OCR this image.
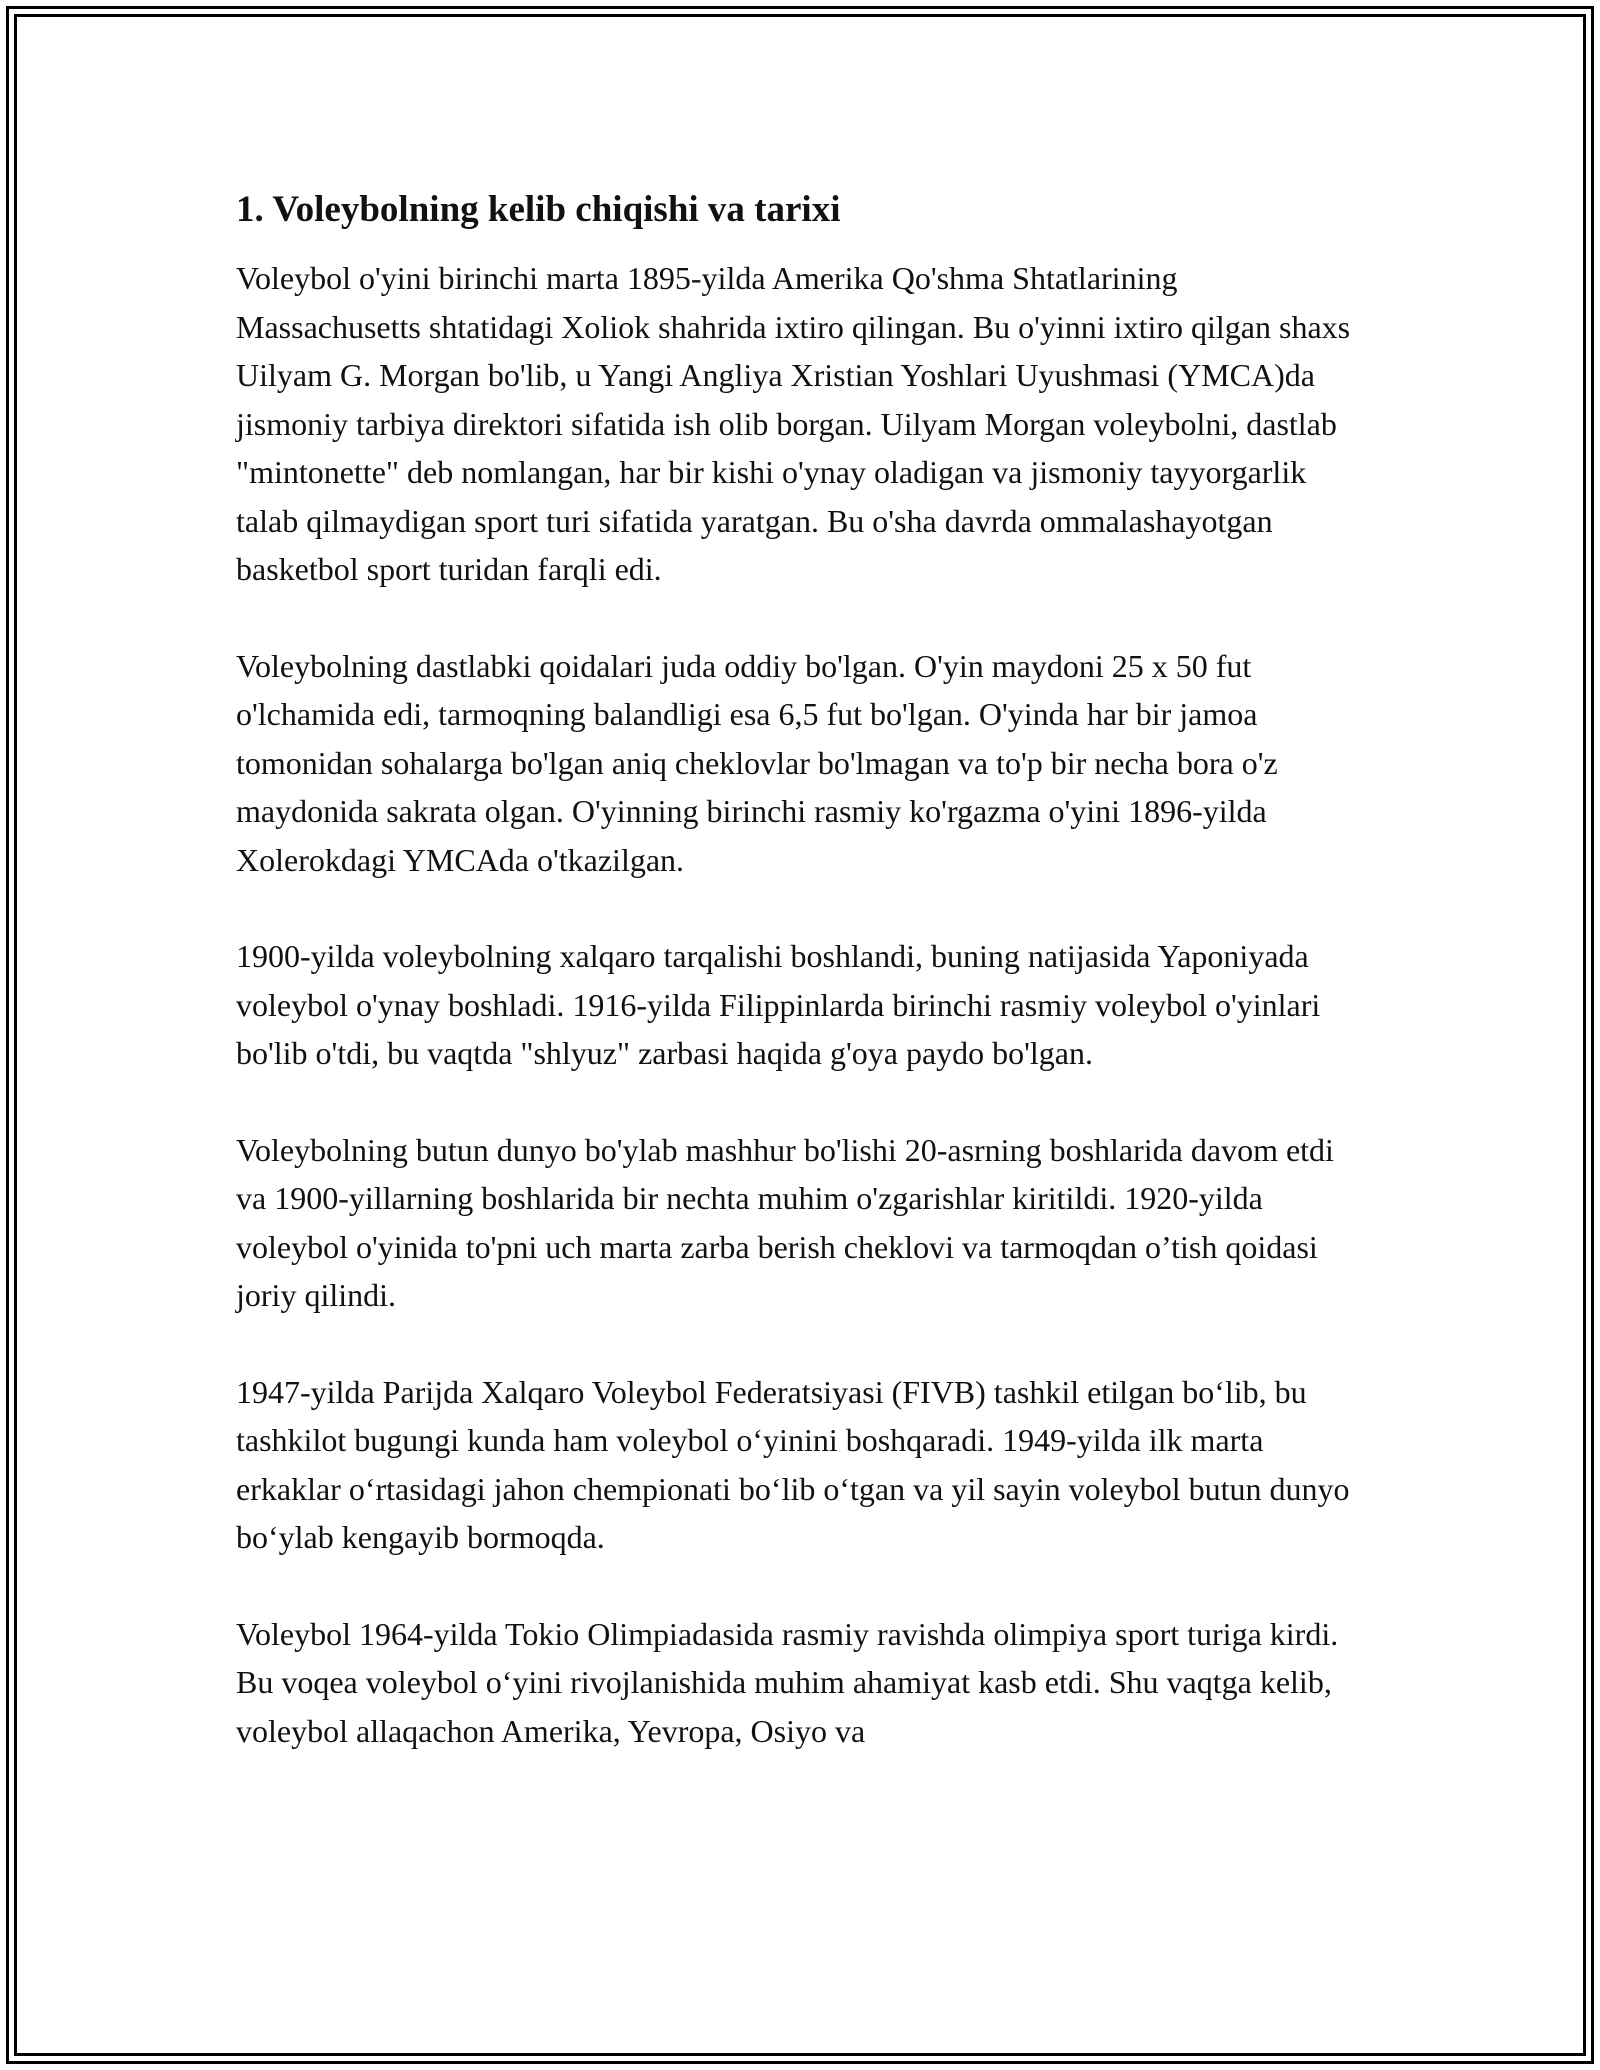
1. Voleybolning kelib chiqishi va tarixi

Voleybol o'yini birinchi marta 1895-yilda Amerika Qo'shma Shtatlarining Massachusetts shtatidagi Xoliok shahrida ixtiro qilingan. Bu o'yinni ixtiro qilgan shaxs Uilyam G. Morgan bo'lib, u Yangi Angliya Xristian Yoshlari Uyushmasi (YMCA)da jismoniy tarbiya direktori sifatida ish olib borgan. Uilyam Morgan voleybolni, dastlab "mintonette" deb nomlangan, har bir kishi o'ynay oladigan va jismoniy tayyorgarlik talab qilmaydigan sport turi sifatida yaratgan. Bu o'sha davrda ommalashayotgan basketbol sport turidan farqli edi.

Voleybolning dastlabki qoidalari juda oddiy bo'lgan. O'yin maydoni 25 x 50 fut o'lchamida edi, tarmoqning balandligi esa 6,5 fut bo'lgan. O'yinda har bir jamoa tomonidan sohalarga bo'lgan aniq cheklovlar bo'lmagan va to'p bir necha bora o'z maydonida sakrata olgan. O'yinning birinchi rasmiy ko'rgazma o'yini 1896-yilda Xolerokdagi YMCAda o'tkazilgan.

1900-yilda voleybolning xalqaro tarqalishi boshlandi, buning natijasida Yaponiyada voleybol o'ynay boshladi. 1916-yilda Filippinlarda birinchi rasmiy voleybol o'yinlari bo'lib o'tdi, bu vaqtda "shlyuz" zarbasi haqida g'oya paydo bo'lgan.

Voleybolning butun dunyo bo'ylab mashhur bo'lishi 20-asrning boshlarida davom etdi va 1900-yillarning boshlarida bir nechta muhim o'zgarishlar kiritildi. 1920-yilda voleybol o'yinida to'pni uch marta zarba berish cheklovi va tarmoqdan o’tish qoidasi joriy qilindi.

1947-yilda Parijda Xalqaro Voleybol Federatsiyasi (FIVB) tashkil etilgan bo‘lib, bu tashkilot bugungi kunda ham voleybol o‘yinini boshqaradi. 1949-yilda ilk marta erkaklar o‘rtasidagi jahon chempionati bo‘lib o‘tgan va yil sayin voleybol butun dunyo bo‘ylab kengayib bormoqda.

Voleybol 1964-yilda Tokio Olimpiadasida rasmiy ravishda olimpiya sport turiga kirdi. Bu voqea voleybol o‘yini rivojlanishida muhim ahamiyat kasb etdi. Shu vaqtga kelib, voleybol allaqachon Amerika, Yevropa, Osiyo va
